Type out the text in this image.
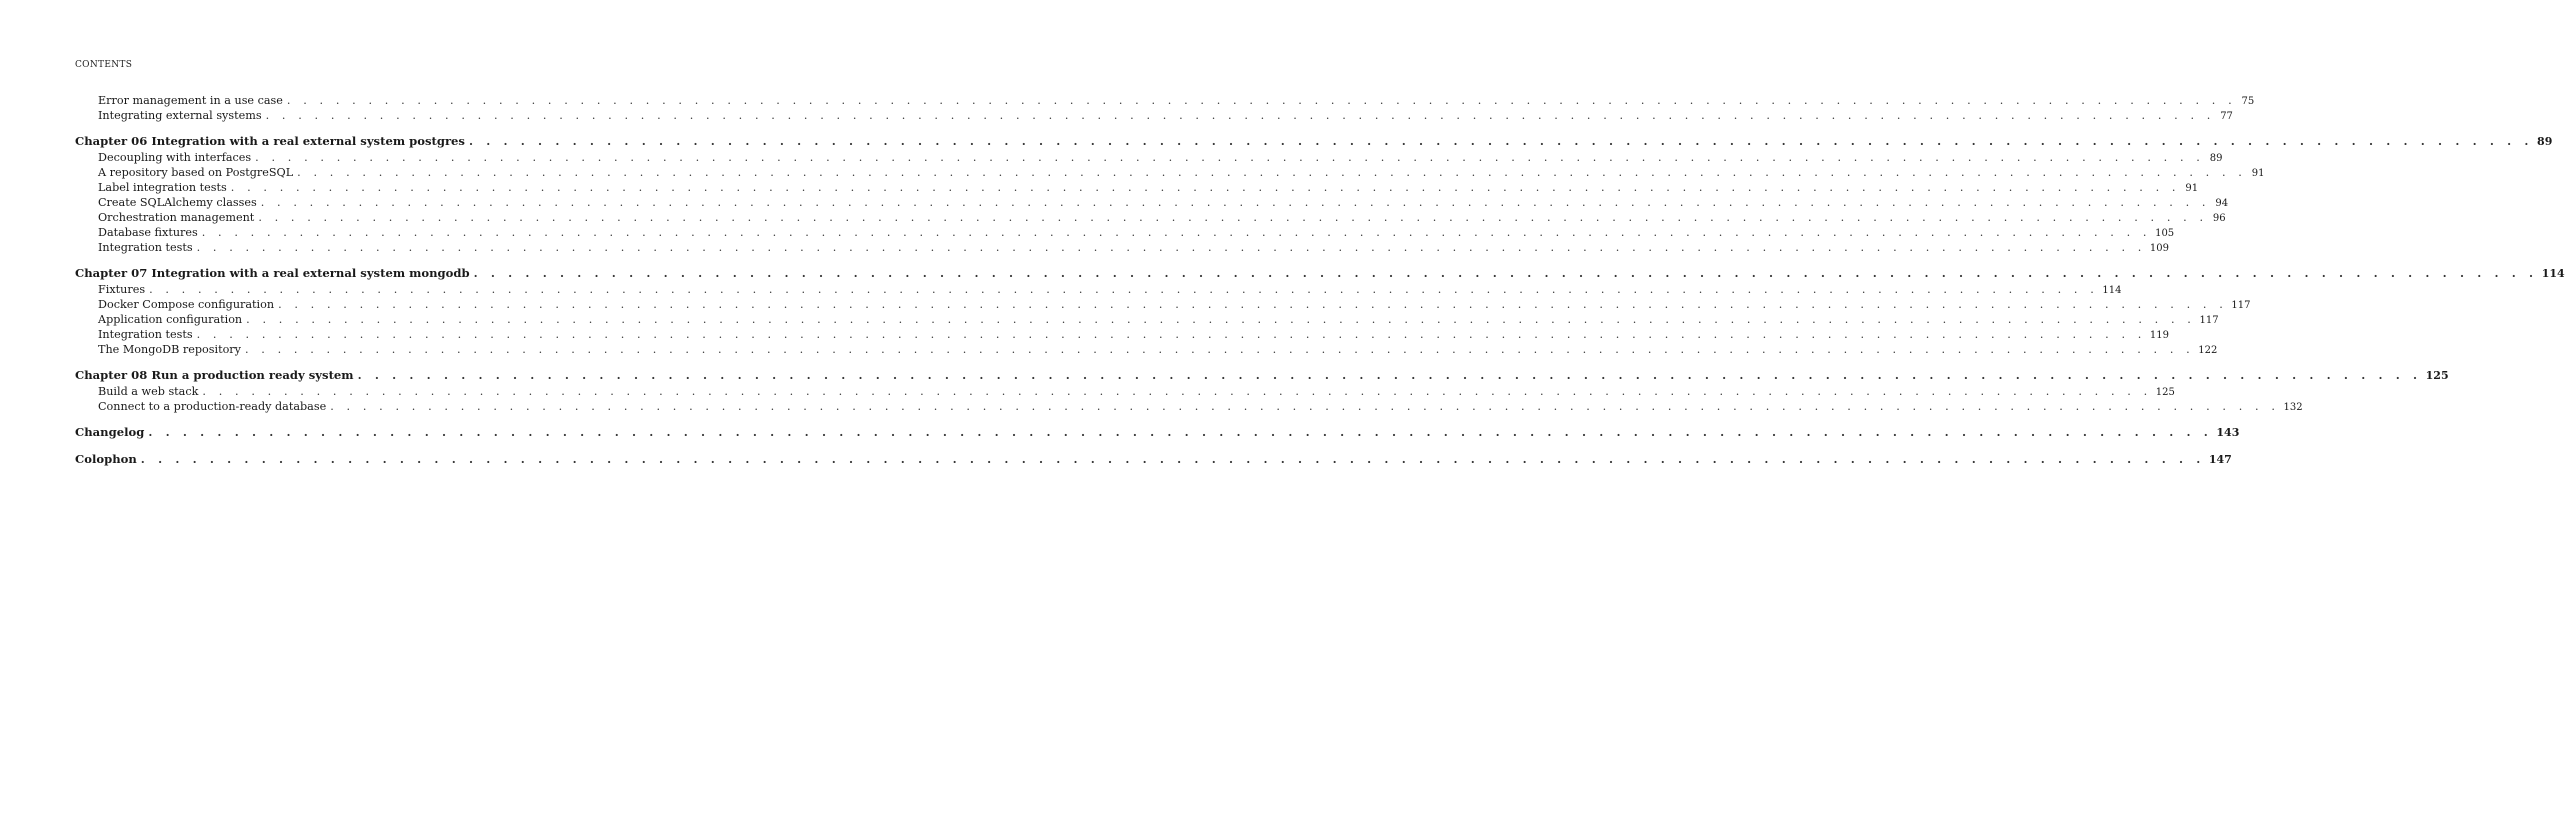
CONTENTS
Error management in a use case . . . . . . . . . . . . . . . . . . . . . . . . . . . . . . . . . . . . . . . . . . . . . . . . . . . . . . . . . . . . . . . . . . . . . . . . . . . . . . . . . . . . . . . . . . . . . . . . . . . . . . . . . . . . . . . . . . . . . . . . 75
Integrating external systems . . . . . . . . . . . . . . . . . . . . . . . . . . . . . . . . . . . . . . . . . . . . . . . . . . . . . . . . . . . . . . . . . . . . . . . . . . . . . . . . . . . . . . . . . . . . . . . . . . . . . . . . . . . . . . . . . . . . . . . . 77
Chapter 06 Integration with a real external system postgres . . . . . . . . . . . . . . . . . . . . . . . . . . . . . . . . . . . . . . . . . . . . . . . . . . . . . . . . . . . . . . . . . . . . . . . . . . . . . . . . . . . . . . . . . . . . . . . . . . . . . . . . . . . . . . . . . . . . . . . . 89
Decoupling with interfaces . . . . . . . . . . . . . . . . . . . . . . . . . . . . . . . . . . . . . . . . . . . . . . . . . . . . . . . . . . . . . . . . . . . . . . . . . . . . . . . . . . . . . . . . . . . . . . . . . . . . . . . . . . . . . . . . . . . . . . . . 89
A repository based on PostgreSQL . . . . . . . . . . . . . . . . . . . . . . . . . . . . . . . . . . . . . . . . . . . . . . . . . . . . . . . . . . . . . . . . . . . . . . . . . . . . . . . . . . . . . . . . . . . . . . . . . . . . . . . . . . . . . . . . . . . . . . . . 91
Label integration tests . . . . . . . . . . . . . . . . . . . . . . . . . . . . . . . . . . . . . . . . . . . . . . . . . . . . . . . . . . . . . . . . . . . . . . . . . . . . . . . . . . . . . . . . . . . . . . . . . . . . . . . . . . . . . . . . . . . . . . . . 91
Create SQLAlchemy classes . . . . . . . . . . . . . . . . . . . . . . . . . . . . . . . . . . . . . . . . . . . . . . . . . . . . . . . . . . . . . . . . . . . . . . . . . . . . . . . . . . . . . . . . . . . . . . . . . . . . . . . . . . . . . . . . . . . . . . . . 94
Orchestration management . . . . . . . . . . . . . . . . . . . . . . . . . . . . . . . . . . . . . . . . . . . . . . . . . . . . . . . . . . . . . . . . . . . . . . . . . . . . . . . . . . . . . . . . . . . . . . . . . . . . . . . . . . . . . . . . . . . . . . . . 96
Database fixtures . . . . . . . . . . . . . . . . . . . . . . . . . . . . . . . . . . . . . . . . . . . . . . . . . . . . . . . . . . . . . . . . . . . . . . . . . . . . . . . . . . . . . . . . . . . . . . . . . . . . . . . . . . . . . . . . . . . . . . . . 105
Integration tests . . . . . . . . . . . . . . . . . . . . . . . . . . . . . . . . . . . . . . . . . . . . . . . . . . . . . . . . . . . . . . . . . . . . . . . . . . . . . . . . . . . . . . . . . . . . . . . . . . . . . . . . . . . . . . . . . . . . . . . . 109
Chapter 07 Integration with a real external system mongodb . . . . . . . . . . . . . . . . . . . . . . . . . . . . . . . . . . . . . . . . . . . . . . . . . . . . . . . . . . . . . . . . . . . . . . . . . . . . . . . . . . . . . . . . . . . . . . . . . . . . . . . . . . . . . . . . . . . . . . . . 114
Fixtures . . . . . . . . . . . . . . . . . . . . . . . . . . . . . . . . . . . . . . . . . . . . . . . . . . . . . . . . . . . . . . . . . . . . . . . . . . . . . . . . . . . . . . . . . . . . . . . . . . . . . . . . . . . . . . . . . . . . . . . . 114
Docker Compose configuration . . . . . . . . . . . . . . . . . . . . . . . . . . . . . . . . . . . . . . . . . . . . . . . . . . . . . . . . . . . . . . . . . . . . . . . . . . . . . . . . . . . . . . . . . . . . . . . . . . . . . . . . . . . . . . . . . . . . . . . . 117
Application configuration . . . . . . . . . . . . . . . . . . . . . . . . . . . . . . . . . . . . . . . . . . . . . . . . . . . . . . . . . . . . . . . . . . . . . . . . . . . . . . . . . . . . . . . . . . . . . . . . . . . . . . . . . . . . . . . . . . . . . . . . 117
Integration tests . . . . . . . . . . . . . . . . . . . . . . . . . . . . . . . . . . . . . . . . . . . . . . . . . . . . . . . . . . . . . . . . . . . . . . . . . . . . . . . . . . . . . . . . . . . . . . . . . . . . . . . . . . . . . . . . . . . . . . . . 119
The MongoDB repository . . . . . . . . . . . . . . . . . . . . . . . . . . . . . . . . . . . . . . . . . . . . . . . . . . . . . . . . . . . . . . . . . . . . . . . . . . . . . . . . . . . . . . . . . . . . . . . . . . . . . . . . . . . . . . . . . . . . . . . . 122
Chapter 08 Run a production ready system . . . . . . . . . . . . . . . . . . . . . . . . . . . . . . . . . . . . . . . . . . . . . . . . . . . . . . . . . . . . . . . . . . . . . . . . . . . . . . . . . . . . . . . . . . . . . . . . . . . . . . . . . . . . . . . . . . . . . . . . 125
Build a web stack . . . . . . . . . . . . . . . . . . . . . . . . . . . . . . . . . . . . . . . . . . . . . . . . . . . . . . . . . . . . . . . . . . . . . . . . . . . . . . . . . . . . . . . . . . . . . . . . . . . . . . . . . . . . . . . . . . . . . . . . 125
Connect to a production-ready database . . . . . . . . . . . . . . . . . . . . . . . . . . . . . . . . . . . . . . . . . . . . . . . . . . . . . . . . . . . . . . . . . . . . . . . . . . . . . . . . . . . . . . . . . . . . . . . . . . . . . . . . . . . . . . . . . . . . . . . . 132
Changelog . . . . . . . . . . . . . . . . . . . . . . . . . . . . . . . . . . . . . . . . . . . . . . . . . . . . . . . . . . . . . . . . . . . . . . . . . . . . . . . . . . . . . . . . . . . . . . . . . . . . . . . . . . . . . . . . . . . . . . . . 143
Colophon . . . . . . . . . . . . . . . . . . . . . . . . . . . . . . . . . . . . . . . . . . . . . . . . . . . . . . . . . . . . . . . . . . . . . . . . . . . . . . . . . . . . . . . . . . . . . . . . . . . . . . . . . . . . . . . . . . . . . . . . 147
